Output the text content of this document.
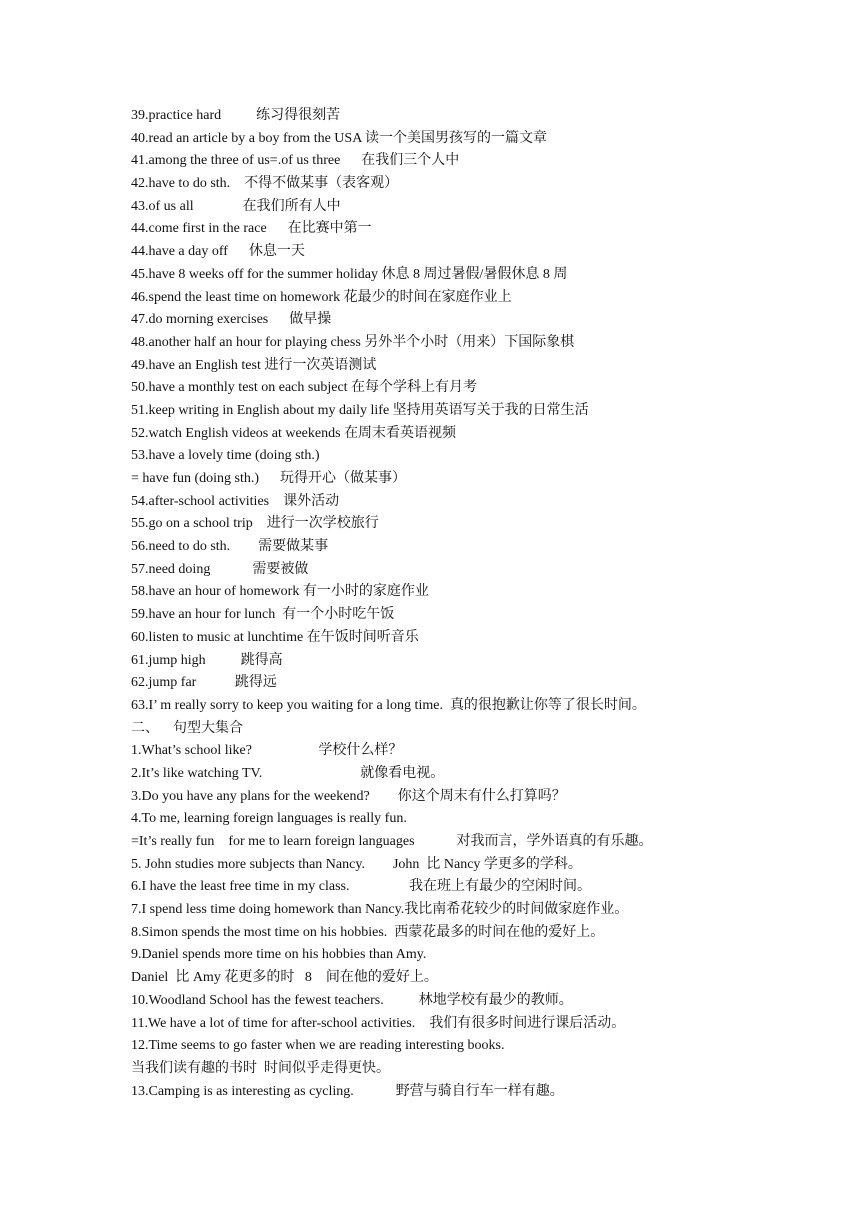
39.practice hard          练习得很刻苦
40.read an article by a boy from the USA 读一个美国男孩写的一篇文章
41.among the three of us=.of us three      在我们三个人中
42.have to do sth.    不得不做某事（表客观）
43.of us all              在我们所有人中
44.come first in the race      在比赛中第一
44.have a day off      休息一天
45.have 8 weeks off for the summer holiday 休息 8 周过暑假/暑假休息 8 周
46.spend the least time on homework 花最少的时间在家庭作业上
47.do morning exercises      做早操
48.another half an hour for playing chess 另外半个小时（用来）下国际象棋
49.have an English test 进行一次英语测试
50.have a monthly test on each subject 在每个学科上有月考
51.keep writing in English about my daily life 坚持用英语写关于我的日常生活
52.watch English videos at weekends 在周末看英语视频
53.have a lovely time (doing sth.)
= have fun (doing sth.)      玩得开心（做某事）
54.after-school activities    课外活动
55.go on a school trip    进行一次学校旅行
56.need to do sth.        需要做某事
57.need doing            需要被做
58.have an hour of homework 有一小时的家庭作业
59.have an hour for lunch  有一个小时吃午饭
60.listen to music at lunchtime 在午饭时间听音乐
61.jump high          跳得高
62.jump far           跳得远
63.I’ m really sorry to keep you waiting for a long time.  真的很抱歉让你等了很长时间。
二、    句型大集合
1.What’s school like?                   学校什么样？
2.It’s like watching TV.                            就像看电视。
3.Do you have any plans for the weekend?        你这个周末有什么打算吗？
4.To me, learning foreign languages is really fun.
=It’s really fun    for me to learn foreign languages            对我而言，学外语真的有乐趣。
5. John studies more subjects than Nancy.        John  比 Nancy 学更多的学科。
6.I have the least free time in my class.                 我在班上有最少的空闲时间。
7.I spend less time doing homework than Nancy.我比南希花较少的时间做家庭作业。
8.Simon spends the most time on his hobbies.  西蒙花最多的时间在他的爱好上。
9.Daniel spends more time on his hobbies than Amy.
Daniel  比 Amy 花更多的时   8    间在他的爱好上。
10.Woodland School has the fewest teachers.          林地学校有最少的教师。
11.We have a lot of time for after-school activities.    我们有很多时间进行课后活动。
12.Time seems to go faster when we are reading interesting books.
当我们读有趣的书时  时间似乎走得更快。
13.Camping is as interesting as cycling.            野营与骑自行车一样有趣。
